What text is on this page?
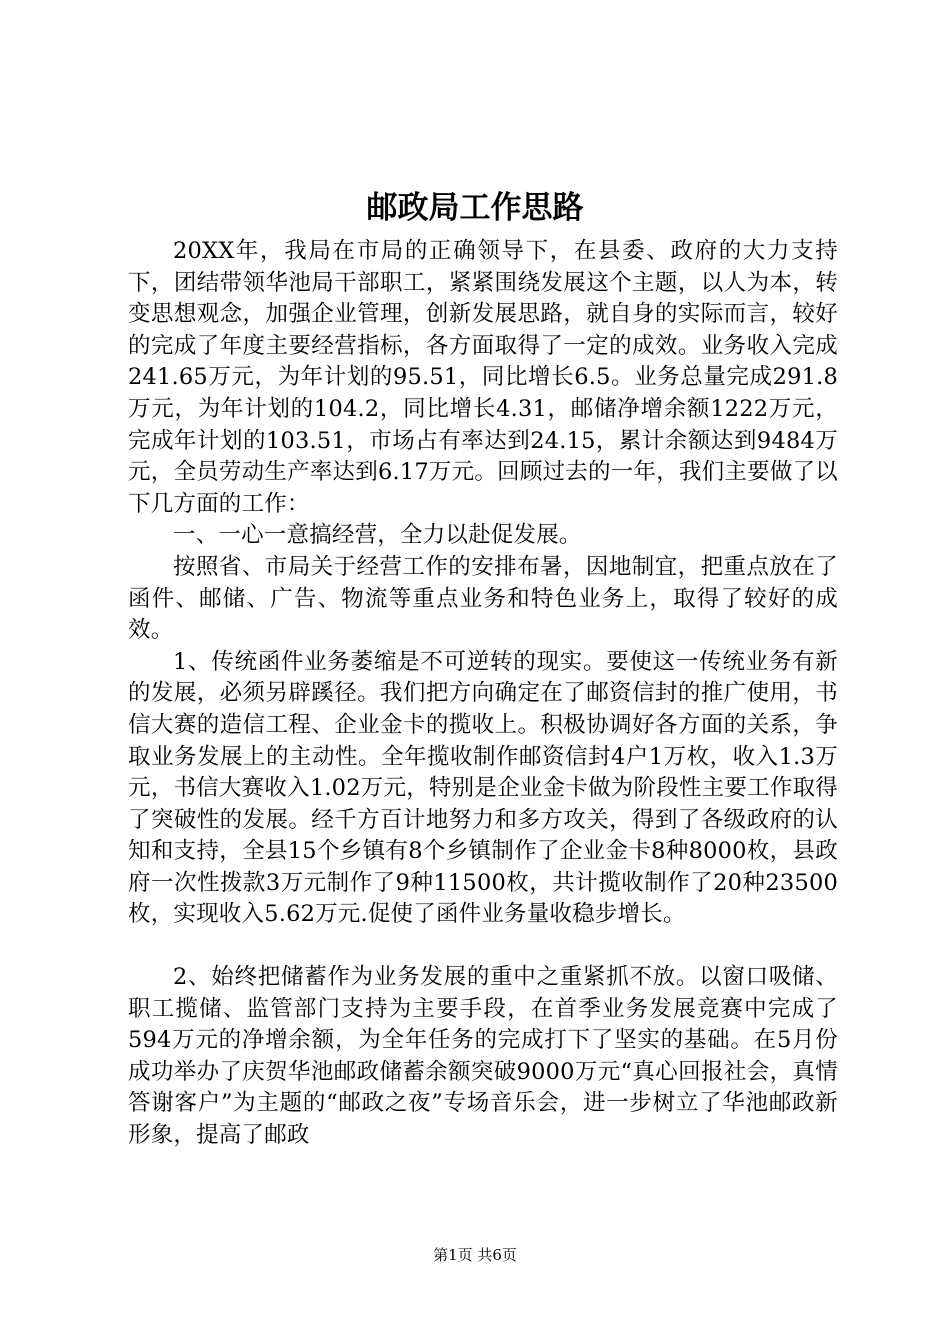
邮政局工作思路

20XX年，我局在市局的正确领导下，在县委、政府的大力支持下，团结带领华池局干部职工，紧紧围绕发展这个主题，以人为本，转变思想观念，加强企业管理，创新发展思路，就自身的实际而言，较好的完成了年度主要经营指标，各方面取得了一定的成效。业务收入完成241.65万元，为年计划的95.51，同比增长6.5。业务总量完成291.8万元，为年计划的104.2，同比增长4.31，邮储净增余额1222万元，完成年计划的103.51，市场占有率达到24.15，累计余额达到9484万元，全员劳动生产率达到6.17万元。回顾过去的一年，我们主要做了以下几方面的工作：

一、一心一意搞经营，全力以赴促发展。

按照省、市局关于经营工作的安排布暑，因地制宜，把重点放在了函件、邮储、广告、物流等重点业务和特色业务上，取得了较好的成效。

1、传统函件业务萎缩是不可逆转的现实。要使这一传统业务有新的发展，必须另辟蹊径。我们把方向确定在了邮资信封的推广使用，书信大赛的造信工程、企业金卡的揽收上。积极协调好各方面的关系，争取业务发展上的主动性。全年揽收制作邮资信封4户1万枚，收入1.3万元，书信大赛收入1.02万元，特别是企业金卡做为阶段性主要工作取得了突破性的发展。经千方百计地努力和多方攻关，得到了各级政府的认知和支持，全县15个乡镇有8个乡镇制作了企业金卡8种8000枚，县政府一次性拨款3万元制作了9种11500枚，共计揽收制作了20种23500枚，实现收入5.62万元.促使了函件业务量收稳步增长。

2、始终把储蓄作为业务发展的重中之重紧抓不放。以窗口吸储、职工揽储、监管部门支持为主要手段，在首季业务发展竞赛中完成了594万元的净增余额，为全年任务的完成打下了坚实的基础。在5月份成功举办了庆贺华池邮政储蓄余额突破9000万元“真心回报社会，真情答谢客户”为主题的“邮政之夜”专场音乐会，进一步树立了华池邮政新形象，提高了邮政

第1页 共6页
